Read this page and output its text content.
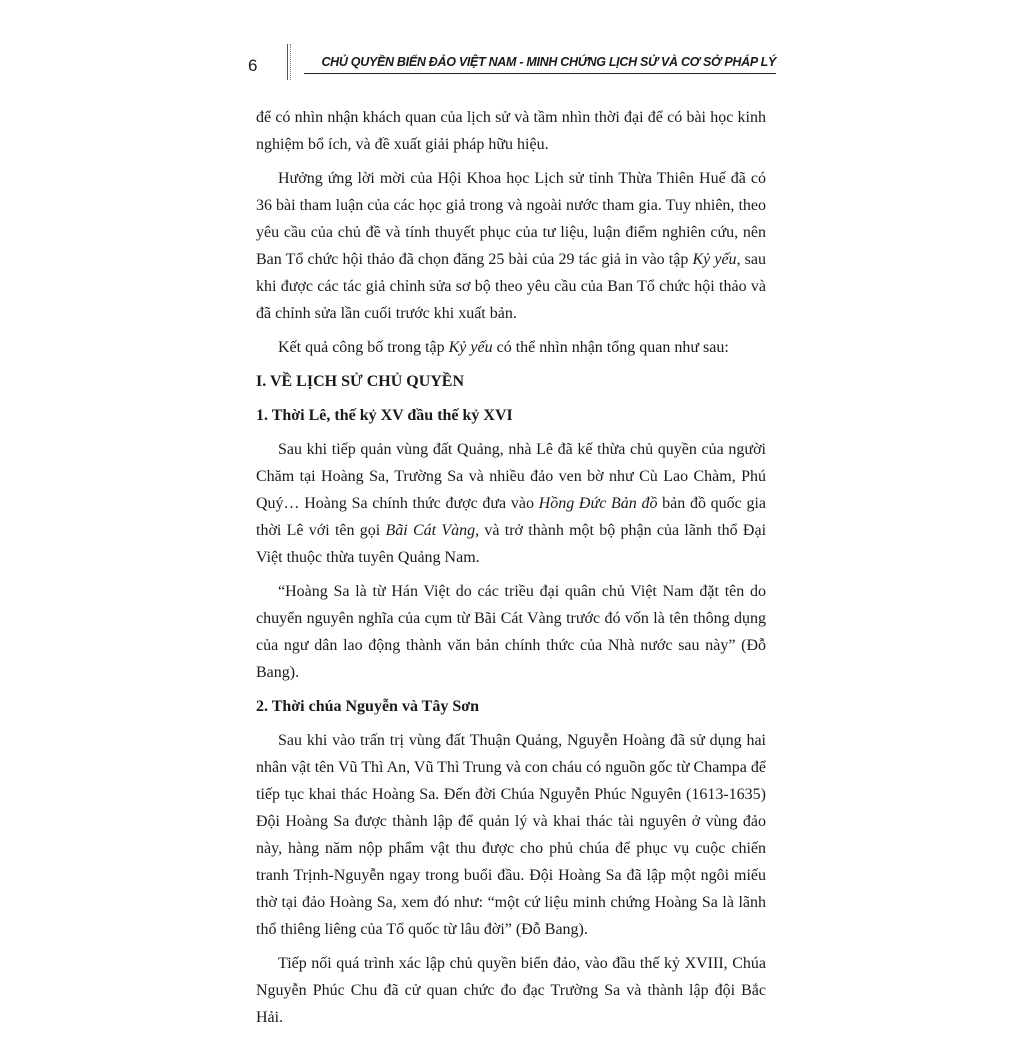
6	CHỦ QUYỀN BIỂN ĐẢO VIỆT NAM - MINH CHỨNG LỊCH SỬ VÀ CƠ SỞ PHÁP LÝ

để có nhìn nhận khách quan của lịch sử và tầm nhìn thời đại để có bài học kinh nghiệm bổ ích, và đề xuất giải pháp hữu hiệu.

Hưởng ứng lời mời của Hội Khoa học Lịch sử tỉnh Thừa Thiên Huế đã có 36 bài tham luận của các học giả trong và ngoài nước tham gia. Tuy nhiên, theo yêu cầu của chủ đề và tính thuyết phục của tư liệu, luận điểm nghiên cứu, nên Ban Tổ chức hội thảo đã chọn đăng 25 bài của 29 tác giả in vào tập Kỷ yếu, sau khi được các tác giả chỉnh sửa sơ bộ theo yêu cầu của Ban Tổ chức hội thảo và đã chỉnh sửa lần cuối trước khi xuất bản.

Kết quả công bố trong tập Kỷ yếu có thể nhìn nhận tổng quan như sau:

I. VỀ LỊCH SỬ CHỦ QUYỀN
1. Thời Lê, thế kỷ XV đầu thế kỷ XVI

Sau khi tiếp quản vùng đất Quảng, nhà Lê đã kế thừa chủ quyền của người Chăm tại Hoàng Sa, Trường Sa và nhiều đảo ven bờ như Cù Lao Chàm, Phú Quý… Hoàng Sa chính thức được đưa vào Hồng Đức Bản đồ bản đồ quốc gia thời Lê với tên gọi Bãi Cát Vàng, và trở thành một bộ phận của lãnh thổ Đại Việt thuộc thừa tuyên Quảng Nam.

“Hoàng Sa là từ Hán Việt do các triều đại quân chủ Việt Nam đặt tên do chuyển nguyên nghĩa của cụm từ Bãi Cát Vàng trước đó vốn là tên thông dụng của ngư dân lao động thành văn bản chính thức của Nhà nước sau này” (Đỗ Bang).

2. Thời chúa Nguyễn và Tây Sơn

Sau khi vào trấn trị vùng đất Thuận Quảng, Nguyễn Hoàng đã sử dụng hai nhân vật tên Vũ Thì An, Vũ Thì Trung và con cháu có nguồn gốc từ Champa để tiếp tục khai thác Hoàng Sa. Đến đời Chúa Nguyễn Phúc Nguyên (1613-1635) Đội Hoàng Sa được thành lập để quản lý và khai thác tài nguyên ở vùng đảo này, hàng năm nộp phẩm vật thu được cho phủ chúa để phục vụ cuộc chiến tranh Trịnh-Nguyễn ngay trong buổi đầu. Đội Hoàng Sa đã lập một ngôi miếu thờ tại đảo Hoàng Sa, xem đó như: “một cứ liệu minh chứng Hoàng Sa là lãnh thổ thiêng liêng của Tổ quốc từ lâu đời” (Đỗ Bang).

Tiếp nối quá trình xác lập chủ quyền biển đảo, vào đầu thế kỷ XVIII, Chúa Nguyễn Phúc Chu đã cử quan chức đo đạc Trường Sa và thành lập đội Bắc Hải.
